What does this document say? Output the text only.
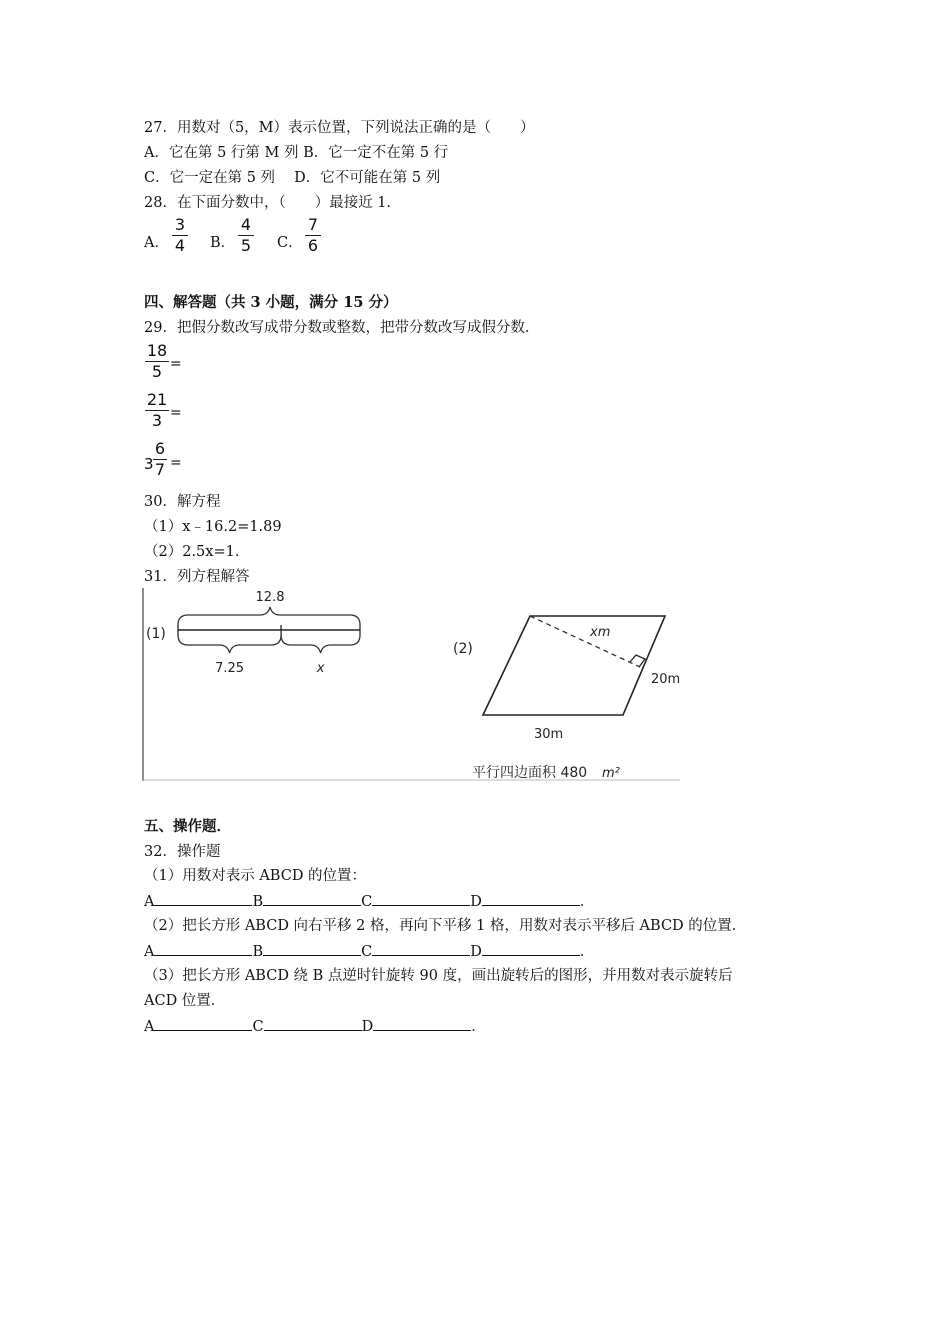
27．用数对（5，M）表示位置，下列说法正确的是（　　）
A．它在第 5 行第 M 列 B．它一定不在第 5 行
C．它一定在第 5 列　 D．它不可能在第 5 列
28．在下面分数中，（　　）最接近 1．
A．
3
4 B．
4
5 C．
7
6
四、解答题（共 3 小题，满分 15 分）
29．把假分数改写成带分数或整数，把带分数改写成假分数．
18
5 =
21
3 =
3
6
7 =
30．解方程
（1）x﹣16.2=1.89
（2）2.5x=1．
31．列方程解答
(1)
12.8
7.25	x
(2)
xm
20m
30m
平行四边面积 480 m²
五、操作题．
32．操作题
（1）用数对表示 ABCD 的位置：
A	B	C	D	．
（2）把长方形 ABCD 向右平移 2 格，再向下平移 1 格，用数对表示平移后 ABCD 的位置．
A	B	C	D	．
（3）把长方形 ABCD 绕 B 点逆时针旋转 90 度，画出旋转后的图形，并用数对表示旋转后
ACD 位置．
A	C	D	．
